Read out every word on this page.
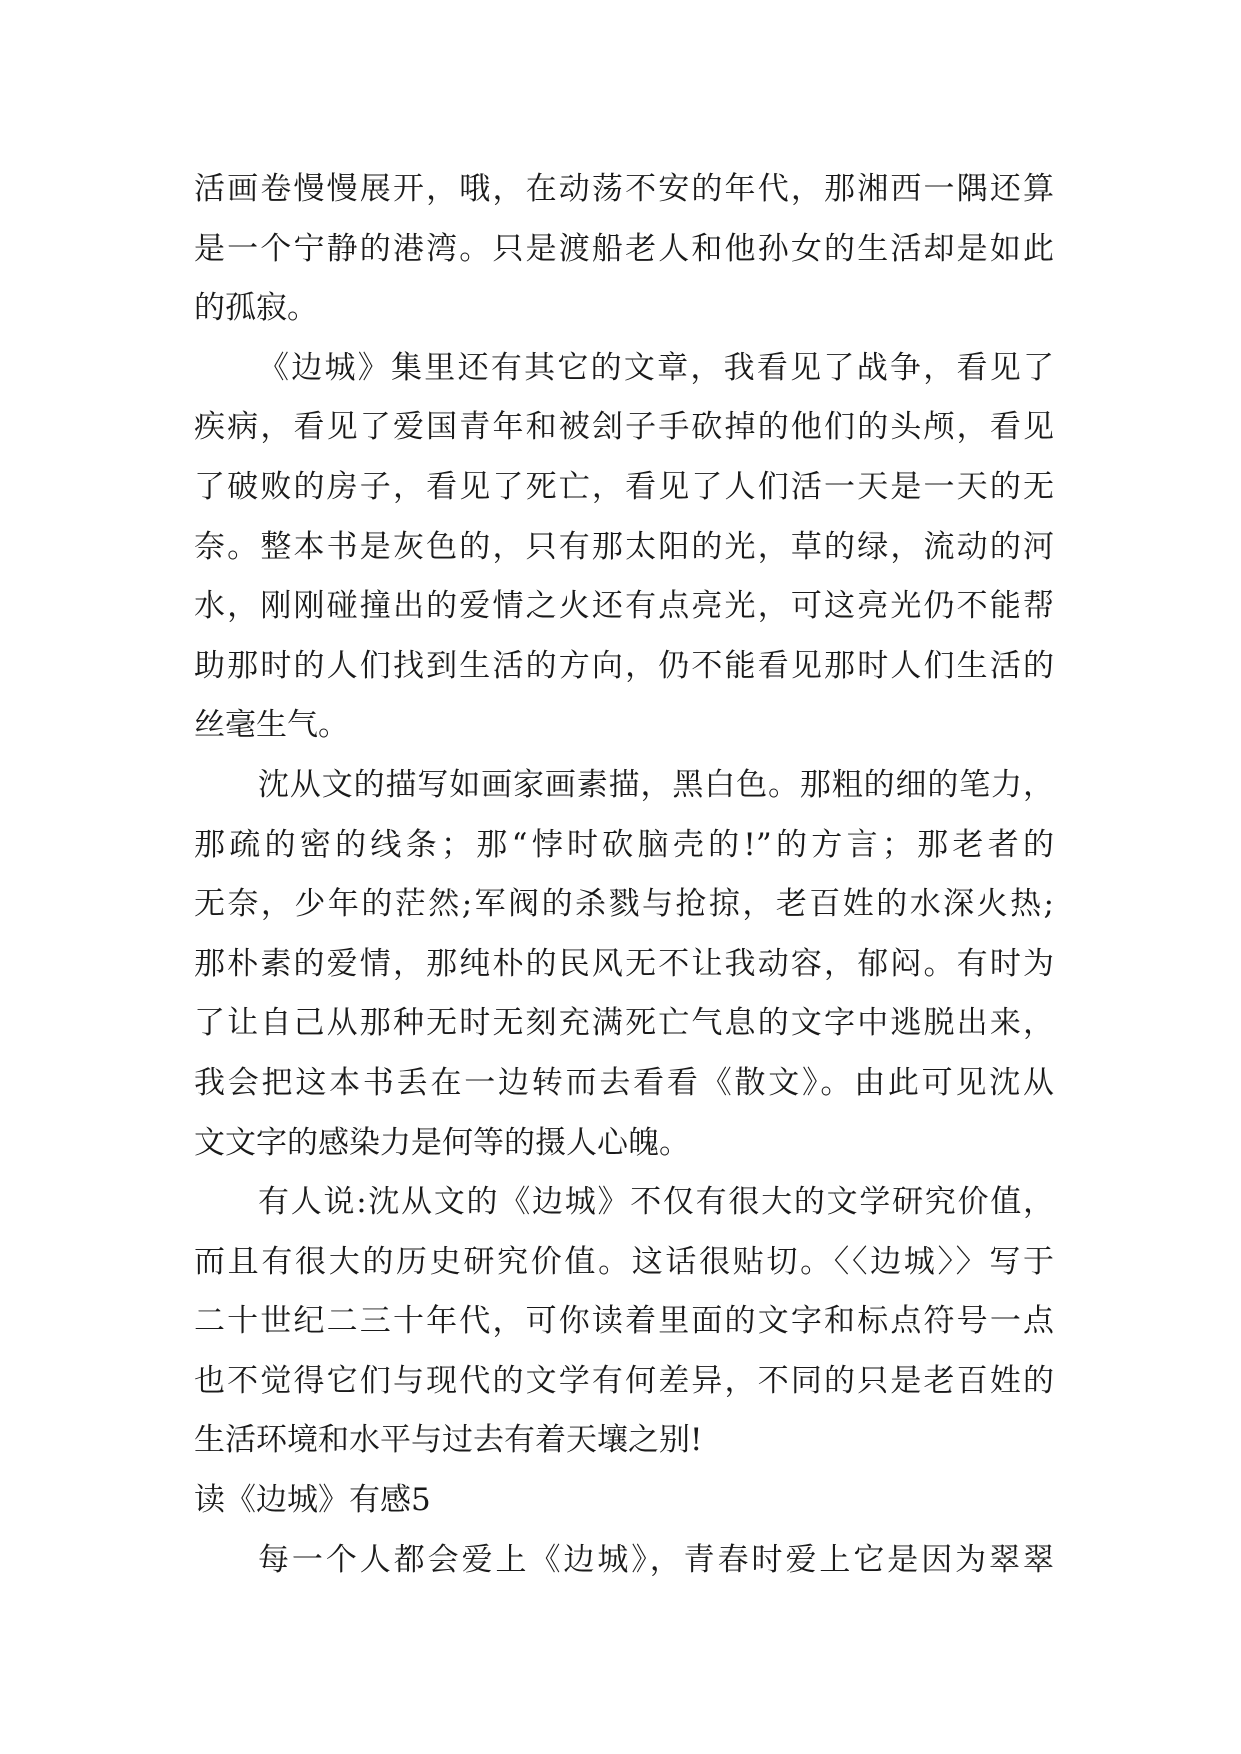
活画卷慢慢展开，哦，在动荡不安的年代，那湘西一隅还算
是一个宁静的港湾。只是渡船老人和他孙女的生活却是如此
的孤寂。
《边城》集里还有其它的文章，我看见了战争，看见了
疾病，看见了爱国青年和被刽子手砍掉的他们的头颅，看见
了破败的房子，看见了死亡，看见了人们活一天是一天的无
奈。整本书是灰色的，只有那太阳的光，草的绿，流动的河
水，刚刚碰撞出的爱情之火还有点亮光，可这亮光仍不能帮
助那时的人们找到生活的方向，仍不能看见那时人们生活的
丝毫生气。
沈从文的描写如画家画素描，黑白色。那粗的细的笔力，
那疏的密的线条；那“悖时砍脑壳的!”的方言；那老者的
无奈，少年的茫然;军阀的杀戮与抢掠，老百姓的水深火热;
那朴素的爱情，那纯朴的民风无不让我动容，郁闷。有时为
了让自己从那种无时无刻充满死亡气息的文字中逃脱出来，
我会把这本书丢在一边转而去看看《散文》。由此可见沈从
文文字的感染力是何等的摄人心魄。
有人说:沈从文的《边城》不仅有很大的文学研究价值，
而且有很大的历史研究价值。这话很贴切。〈〈边城〉〉写于
二十世纪二三十年代，可你读着里面的文字和标点符号一点
也不觉得它们与现代的文学有何差异，不同的只是老百姓的
生活环境和水平与过去有着天壤之别!
读《边城》有感5
每一个人都会爱上《边城》，青春时爱上它是因为翠翠
